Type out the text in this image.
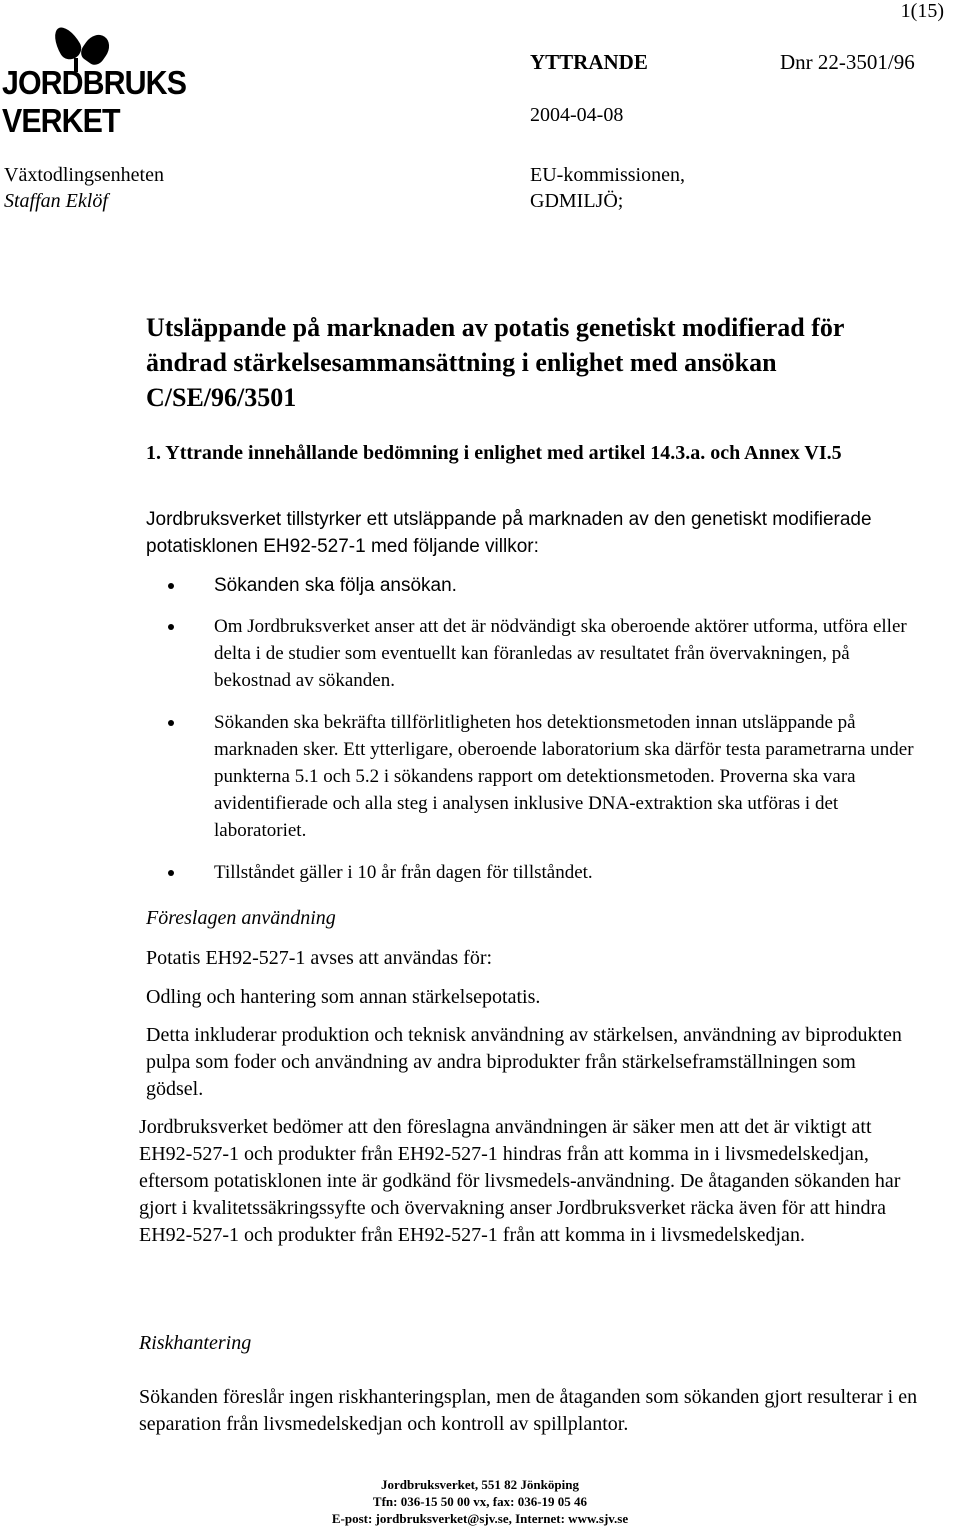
1(15)
JORDBRUKS
VERKET
YTTRANDE	Dnr 22-3501/96
2004-04-08
EU-kommissionen,
GDMILJÖ;
Växtodlingsenheten
Staffan Eklöf
Utsläppande på marknaden av potatis genetiskt modifierad för ändrad stärkelsesammansättning i enlighet med ansökan C/SE/96/3501
1. Yttrande innehållande bedömning i enlighet med artikel 14.3.a. och Annex VI.5
Jordbruksverket tillstyrker ett utsläppande på marknaden av den genetiskt modifierade potatisklonen EH92-527-1 med följande villkor:
Sökanden ska följa ansökan.
Om Jordbruksverket anser att det är nödvändigt ska oberoende aktörer utforma, utföra eller delta i de studier som eventuellt kan föranledas av resultatet från övervakningen, på bekostnad av sökanden.
Sökanden ska bekräfta tillförlitligheten hos detektionsmetoden innan utsläppande på marknaden sker. Ett ytterligare, oberoende laboratorium ska därför testa parametrarna under punkterna 5.1 och 5.2 i sökandens rapport om detektionsmetoden. Proverna ska vara avidentifierade och alla steg i analysen inklusive DNA-extraktion ska utföras i det laboratoriet.
Tillståndet gäller i 10 år från dagen för tillståndet.
Föreslagen användning
Potatis EH92-527-1 avses att användas för:
Odling och hantering som annan stärkelsepotatis.
Detta inkluderar produktion och teknisk användning av stärkelsen, användning av biprodukten pulpa som foder och användning av andra biprodukter från stärkelseframställningen som gödsel.
Jordbruksverket bedömer att den föreslagna användningen är säker men att det är viktigt att EH92-527-1 och produkter från EH92-527-1 hindras från att komma in i livsmedelskedjan, eftersom potatisklonen inte är godkänd för livsmedels-användning. De åtaganden sökanden har gjort i kvalitetssäkringssyfte och övervakning anser Jordbruksverket räcka även för att hindra EH92-527-1 och produkter från EH92-527-1 från att komma in i livsmedelskedjan.
Riskhantering
Sökanden föreslår ingen riskhanteringsplan, men de åtaganden som sökanden gjort resulterar i en separation från livsmedelskedjan och kontroll av spillplantor.
Jordbruksverket, 551 82 Jönköping
Tfn: 036-15 50 00 vx, fax: 036-19 05 46
E-post: jordbruksverket@sjv.se, Internet: www.sjv.se
